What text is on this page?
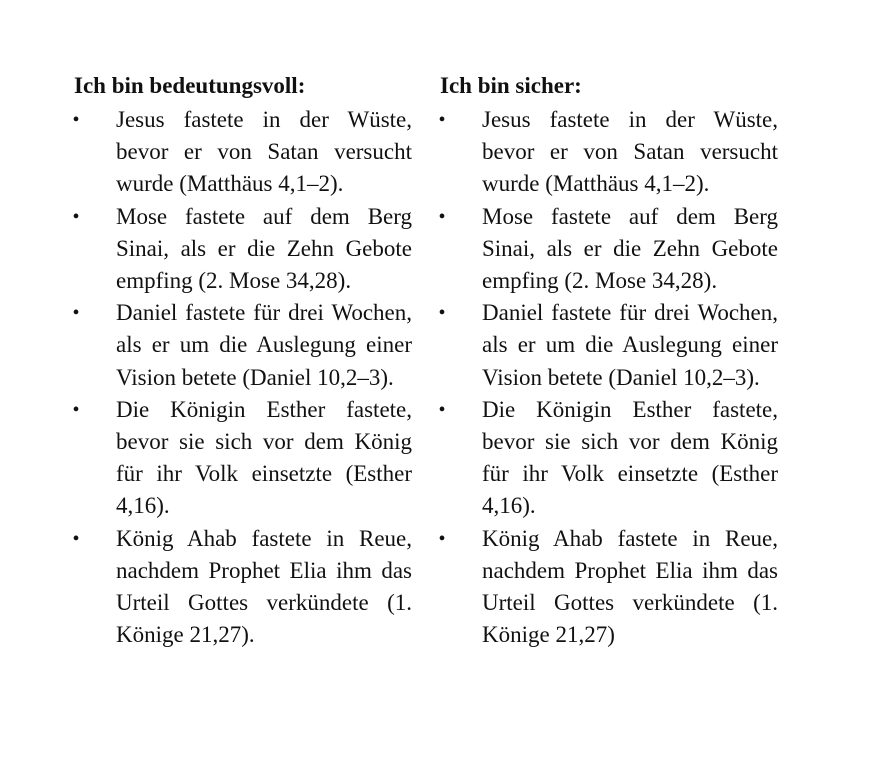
Ich bin bedeutungsvoll:
• Jesus fastete in der Wüste, bevor er von Satan versucht wurde (Matthäus 4,1–2).
• Mose fastete auf dem Berg Sinai, als er die Zehn Gebote empfing (2. Mose 34,28).
• Daniel fastete für drei Wochen, als er um die Auslegung einer Vision betete (Daniel 10,2–3).
• Die Königin Esther fastete, bevor sie sich vor dem König für ihr Volk einsetzte (Esther 4,16).
• König Ahab fastete in Reue, nachdem Prophet Elia ihm das Urteil Gottes verkündete (1. Könige 21,27).
Ich bin sicher:
• Jesus fastete in der Wüste, bevor er von Satan versucht wurde (Matthäus 4,1–2).
• Mose fastete auf dem Berg Sinai, als er die Zehn Gebote empfing (2. Mose 34,28).
• Daniel fastete für drei Wochen, als er um die Auslegung einer Vision betete (Daniel 10,2–3).
• Die Königin Esther fastete, bevor sie sich vor dem König für ihr Volk einsetzte (Esther 4,16).
• König Ahab fastete in Reue, nachdem Prophet Elia ihm das Urteil Gottes verkündete (1. Könige 21,27)
